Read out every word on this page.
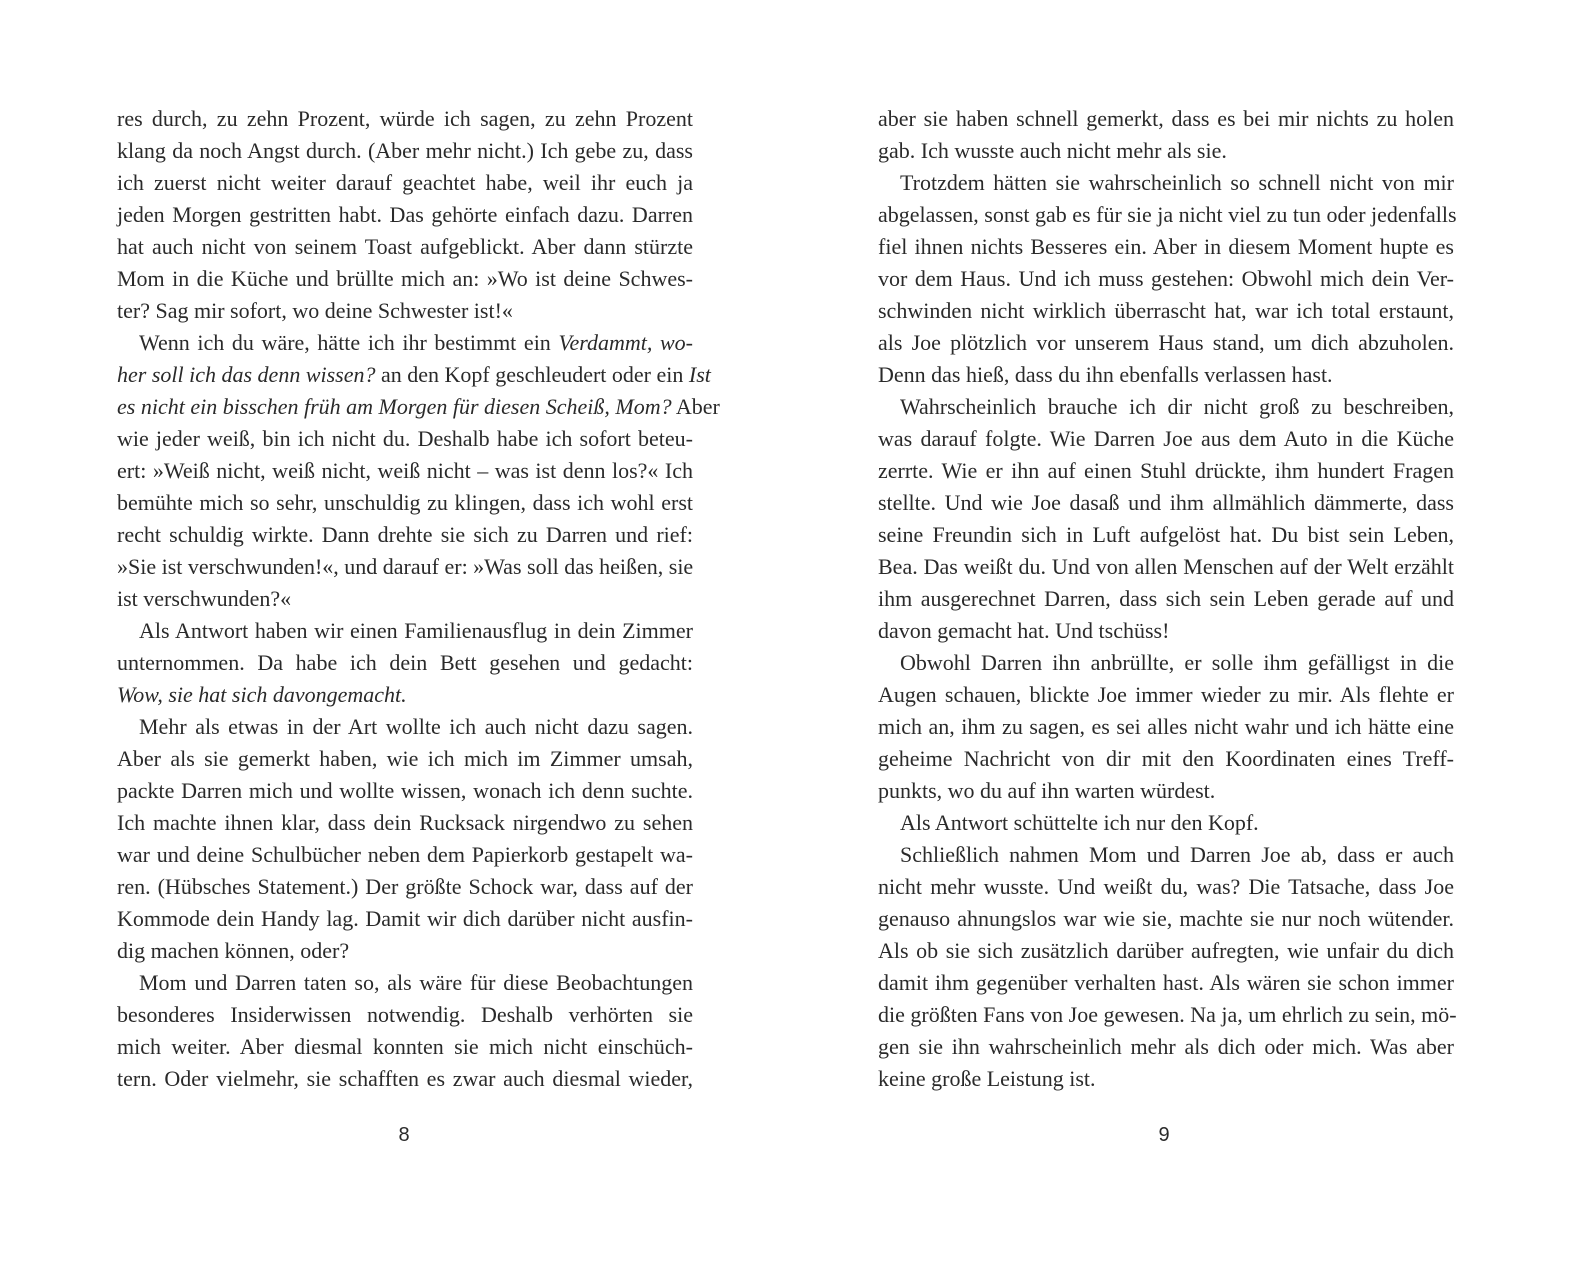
res durch, zu zehn Prozent, würde ich sagen, zu zehn Prozent
klang da noch Angst durch. (Aber mehr nicht.) Ich gebe zu, dass
ich zuerst nicht weiter darauf geachtet habe, weil ihr euch ja
jeden Morgen gestritten habt. Das gehörte einfach dazu. Darren
hat auch nicht von seinem Toast aufgeblickt. Aber dann stürzte
Mom in die Küche und brüllte mich an: »Wo ist deine Schwes-
ter? Sag mir sofort, wo deine Schwester ist!«
Wenn ich du wäre, hätte ich ihr bestimmt ein Verdammt, wo-
her soll ich das denn wissen? an den Kopf geschleudert oder ein Ist
es nicht ein bisschen früh am Morgen für diesen Scheiß, Mom? Aber
wie jeder weiß, bin ich nicht du. Deshalb habe ich sofort beteu-
ert: »Weiß nicht, weiß nicht, weiß nicht – was ist denn los?« Ich
bemühte mich so sehr, unschuldig zu klingen, dass ich wohl erst
recht schuldig wirkte. Dann drehte sie sich zu Darren und rief:
»Sie ist verschwunden!«, und darauf er: »Was soll das heißen, sie
ist verschwunden?«
Als Antwort haben wir einen Familienausflug in dein Zimmer
unternommen. Da habe ich dein Bett gesehen und gedacht:
Wow, sie hat sich davongemacht.
Mehr als etwas in der Art wollte ich auch nicht dazu sagen.
Aber als sie gemerkt haben, wie ich mich im Zimmer umsah,
packte Darren mich und wollte wissen, wonach ich denn suchte.
Ich machte ihnen klar, dass dein Rucksack nirgendwo zu sehen
war und deine Schulbücher neben dem Papierkorb gestapelt wa-
ren. (Hübsches Statement.) Der größte Schock war, dass auf der
Kommode dein Handy lag. Damit wir dich darüber nicht ausfin-
dig machen können, oder?
Mom und Darren taten so, als wäre für diese Beobachtungen
besonderes Insiderwissen notwendig. Deshalb verhörten sie
mich weiter. Aber diesmal konnten sie mich nicht einschüch-
tern. Oder vielmehr, sie schafften es zwar auch diesmal wieder,
8
aber sie haben schnell gemerkt, dass es bei mir nichts zu holen
gab. Ich wusste auch nicht mehr als sie.
Trotzdem hätten sie wahrscheinlich so schnell nicht von mir
abgelassen, sonst gab es für sie ja nicht viel zu tun oder jedenfalls
fiel ihnen nichts Besseres ein. Aber in diesem Moment hupte es
vor dem Haus. Und ich muss gestehen: Obwohl mich dein Ver-
schwinden nicht wirklich überrascht hat, war ich total erstaunt,
als Joe plötzlich vor unserem Haus stand, um dich abzuholen.
Denn das hieß, dass du ihn ebenfalls verlassen hast.
Wahrscheinlich brauche ich dir nicht groß zu beschreiben,
was darauf folgte. Wie Darren Joe aus dem Auto in die Küche
zerrte. Wie er ihn auf einen Stuhl drückte, ihm hundert Fragen
stellte. Und wie Joe dasaß und ihm allmählich dämmerte, dass
seine Freundin sich in Luft aufgelöst hat. Du bist sein Leben,
Bea. Das weißt du. Und von allen Menschen auf der Welt erzählt
ihm ausgerechnet Darren, dass sich sein Leben gerade auf und
davon gemacht hat. Und tschüss!
Obwohl Darren ihn anbrüllte, er solle ihm gefälligst in die
Augen schauen, blickte Joe immer wieder zu mir. Als flehte er
mich an, ihm zu sagen, es sei alles nicht wahr und ich hätte eine
geheime Nachricht von dir mit den Koordinaten eines Treff-
punkts, wo du auf ihn warten würdest.
Als Antwort schüttelte ich nur den Kopf.
Schließlich nahmen Mom und Darren Joe ab, dass er auch
nicht mehr wusste. Und weißt du, was? Die Tatsache, dass Joe
genauso ahnungslos war wie sie, machte sie nur noch wütender.
Als ob sie sich zusätzlich darüber aufregten, wie unfair du dich
damit ihm gegenüber verhalten hast. Als wären sie schon immer
die größten Fans von Joe gewesen. Na ja, um ehrlich zu sein, mö-
gen sie ihn wahrscheinlich mehr als dich oder mich. Was aber
keine große Leistung ist.
9
